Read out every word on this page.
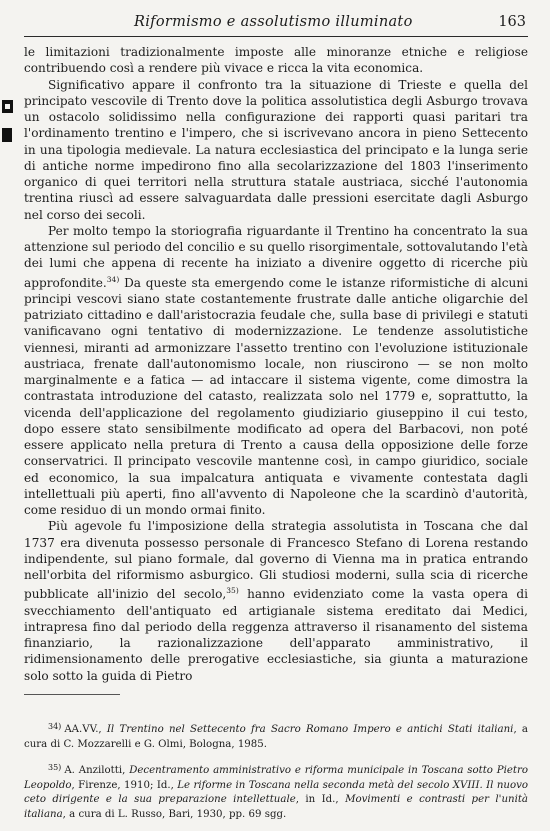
Riformismo e assolutismo illuminato	163

le limitazioni tradizionalmente imposte alle minoranze etniche e religiose contribuendo così a rendere più vivace e ricca la vita economica.

Significativo appare il confronto tra la situazione di Trieste e quella del principato vescovile di Trento dove la politica assolutistica degli Asburgo trovava un ostacolo solidissimo nella configurazione dei rapporti quasi paritari tra l'ordinamento trentino e l'impero, che si iscrivevano ancora in pieno Settecento in una tipologia medievale. La natura ecclesiastica del principato e la lunga serie di antiche norme impedirono fino alla secolarizzazione del 1803 l'inserimento organico di quei territori nella struttura statale austriaca, sicché l'autonomia trentina riuscì ad essere salvaguardata dalle pressioni esercitate dagli Asburgo nel corso dei secoli.

Per molto tempo la storiografia riguardante il Trentino ha concentrato la sua attenzione sul periodo del concilio e su quello risorgimentale, sottovalutando l'età dei lumi che appena di recente ha iniziato a divenire oggetto di ricerche più approfondite.$^{34)}$ Da queste sta emergendo come le istanze riformistiche di alcuni principi vescovi siano state costantemente frustrate dalle antiche oligarchie del patriziato cittadino e dall'aristocrazia feudale che, sulla base di privilegi e statuti vanificavano ogni tentativo di modernizzazione. Le tendenze assolutistiche viennesi, miranti ad armonizzare l'assetto trentino con l'evoluzione istituzionale austriaca, frenate dall'autonomismo locale, non riuscirono — se non molto marginalmente e a fatica — ad intaccare il sistema vigente, come dimostra la contrastata introduzione del catasto, realizzata solo nel 1779 e, soprattutto, la vicenda dell'applicazione del regolamento giudiziario giuseppino il cui testo, dopo essere stato sensibilmente modificato ad opera del Barbacovi, non poté essere applicato nella pretura di Trento a causa della opposizione delle forze conservatrici. Il principato vescovile mantenne così, in campo giuridico, sociale ed economico, la sua impalcatura antiquata e vivamente contestata dagli intellettuali più aperti, fino all'avvento di Napoleone che la scardinò d'autorità, come residuo di un mondo ormai finito.

Più agevole fu l'imposizione della strategia assolutista in Toscana che dal 1737 era divenuta possesso personale di Francesco Stefano di Lorena restando indipendente, sul piano formale, dal governo di Vienna ma in pratica entrando nell'orbita del riformismo asburgico. Gli studiosi moderni, sulla scia di ricerche pubblicate all'inizio del secolo,$^{35)}$ hanno evidenziato come la vasta opera di svecchiamento dell'antiquato ed artigianale sistema ereditato dai Medici, intrapresa fino dal periodo della reggenza attraverso il risanamento del sistema finanziario, la razionalizzazione dell'apparato amministrativo, il ridimensionamento delle prerogative ecclesiastiche, sia giunta a maturazione solo sotto la guida di Pietro

$^{34)}$ AA.VV., Il Trentino nel Settecento fra Sacro Romano Impero e antichi Stati italiani, a cura di C. Mozzarelli e G. Olmi, Bologna, 1985.

$^{35)}$ A. Anzilotti, Decentramento amministrativo e riforma municipale in Toscana sotto Pietro Leopoldo, Firenze, 1910; Id., Le riforme in Toscana nella seconda metà del secolo XVIII. Il nuovo ceto dirigente e la sua preparazione intellettuale, in Id., Movimenti e contrasti per l'unità italiana, a cura di L. Russo, Bari, 1930, pp. 69 sgg.
